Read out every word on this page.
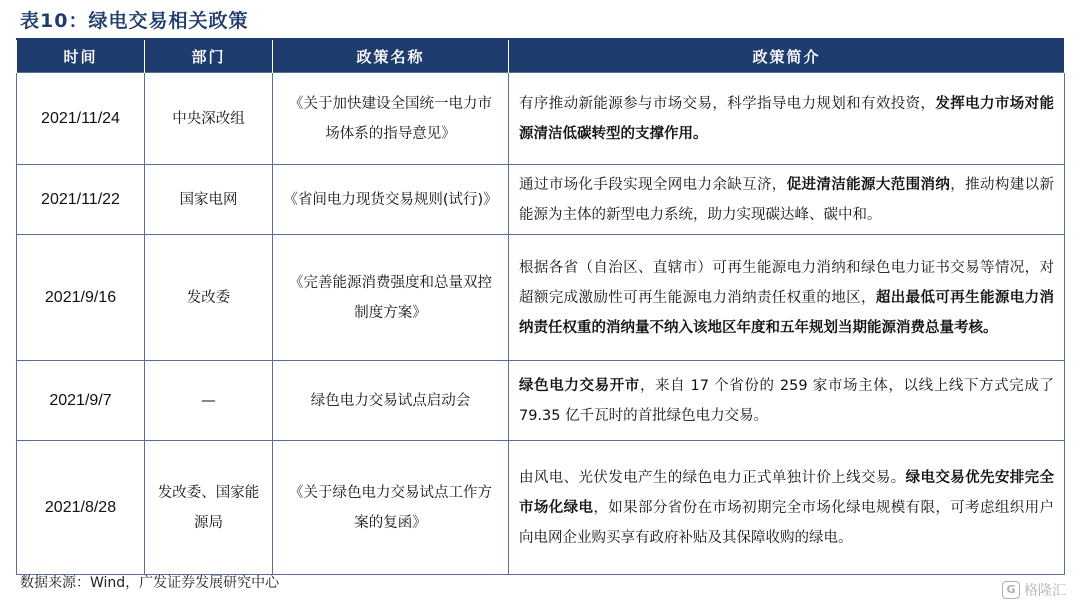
表10：绿电交易相关政策
时间	部门	政策名称	政策简介
2021/11/24	中央深改组	《关于加快建设全国统一电力市场体系的指导意见》	有序推动新能源参与市场交易，科学指导电力规划和有效投资，发挥电力市场对能源清洁低碳转型的支撑作用。
2021/11/22	国家电网	《省间电力现货交易规则(试行)》	通过市场化手段实现全网电力余缺互济，促进清洁能源大范围消纳，推动构建以新能源为主体的新型电力系统，助力实现碳达峰、碳中和。
2021/9/16	发改委	《完善能源消费强度和总量双控制度方案》	根据各省（自治区、直辖市）可再生能源电力消纳和绿色电力证书交易等情况，对超额完成激励性可再生能源电力消纳责任权重的地区，超出最低可再生能源电力消纳责任权重的消纳量不纳入该地区年度和五年规划当期能源消费总量考核。
2021/9/7	—	绿色电力交易试点启动会	绿色电力交易开市，来自 17 个省份的 259 家市场主体，以线上线下方式完成了 79.35 亿千瓦时的首批绿色电力交易。
2021/8/28	发改委、国家能源局	《关于绿色电力交易试点工作方案的复函》	由风电、光伏发电产生的绿色电力正式单独计价上线交易。绿电交易优先安排完全市场化绿电，如果部分省份在市场初期完全市场化绿电规模有限，可考虑组织用户向电网企业购买享有政府补贴及其保障收购的绿电。
数据来源：Wind，广发证券发展研究中心	G 格隆汇
